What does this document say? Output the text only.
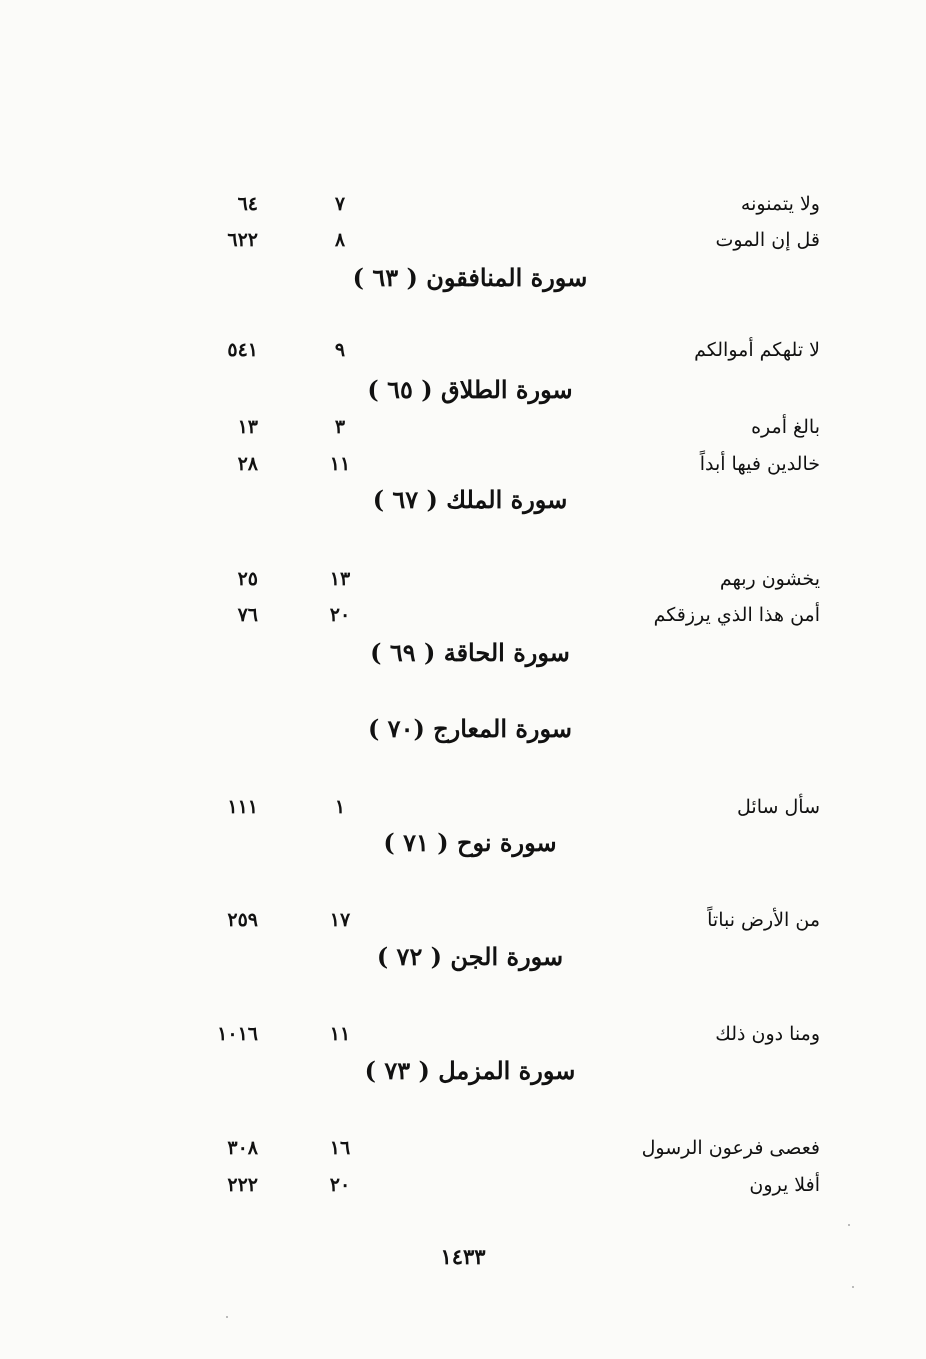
ولا يتمنونه
٧
٦٤
قل إن الموت
٨
٦٢٢
سورة المنافقون ( ٦٣ )
لا تلهكم أموالكم
٩
٥٤١
سورة الطلاق ( ٦٥ )
بالغ أمره
٣
١٣
خالدين فيها أبداً
١١
٢٨
سورة الملك ( ٦٧ )
يخشون ربهم
١٣
٢٥
أمن هذا الذي يرزقكم
٢٠
٧٦
سورة الحاقة ( ٦٩ )
سورة المعارج (٧٠ )
سأل سائل
١
١١١
سورة نوح ( ٧١ )
من الأرض نباتاً
١٧
٢٥٩
سورة الجن ( ٧٢ )
ومنا دون ذلك
١١
١٠١٦
سورة المزمل ( ٧٣ )
فعصى فرعون الرسول
١٦
٣٠٨
أفلا يرون
٢٠
٢٢٢
١٤٣٣
